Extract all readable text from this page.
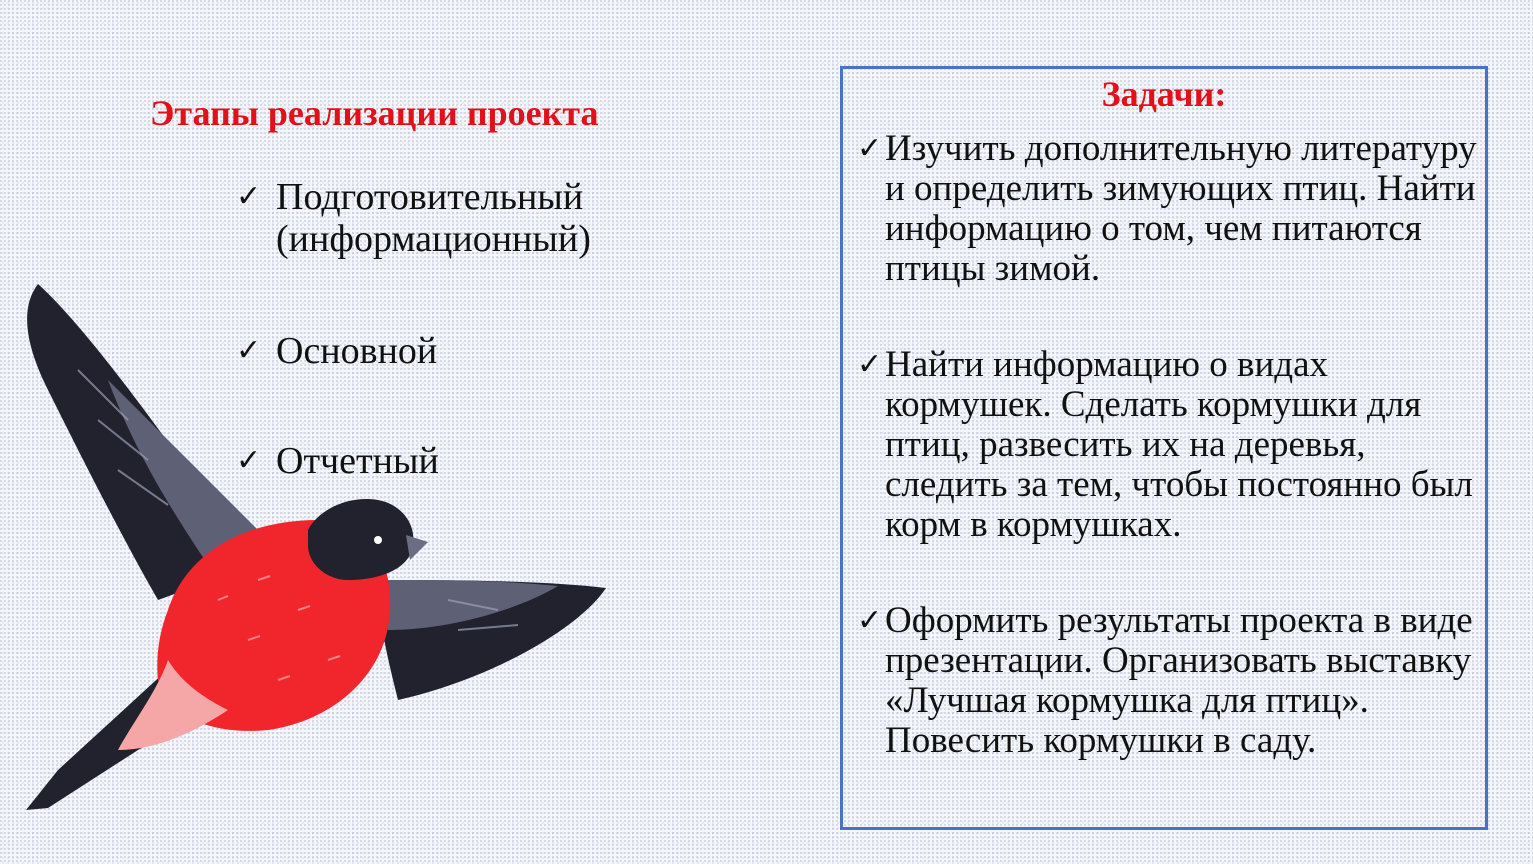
Этапы реализации проекта
✓ Подготовительный (информационный)
✓ Основной
✓ Отчетный
Задачи:
✓ Изучить дополнительную литературу и определить зимующих птиц. Найти информацию о том, чем питаются птицы зимой.
✓ Найти информацию о видах кормушек. Сделать кормушки для птиц, развесить их на деревья, следить за тем, чтобы постоянно был корм в кормушках.
✓ Оформить результаты проекта в виде презентации. Организовать выставку «Лучшая кормушка для птиц». Повесить кормушки в саду.
